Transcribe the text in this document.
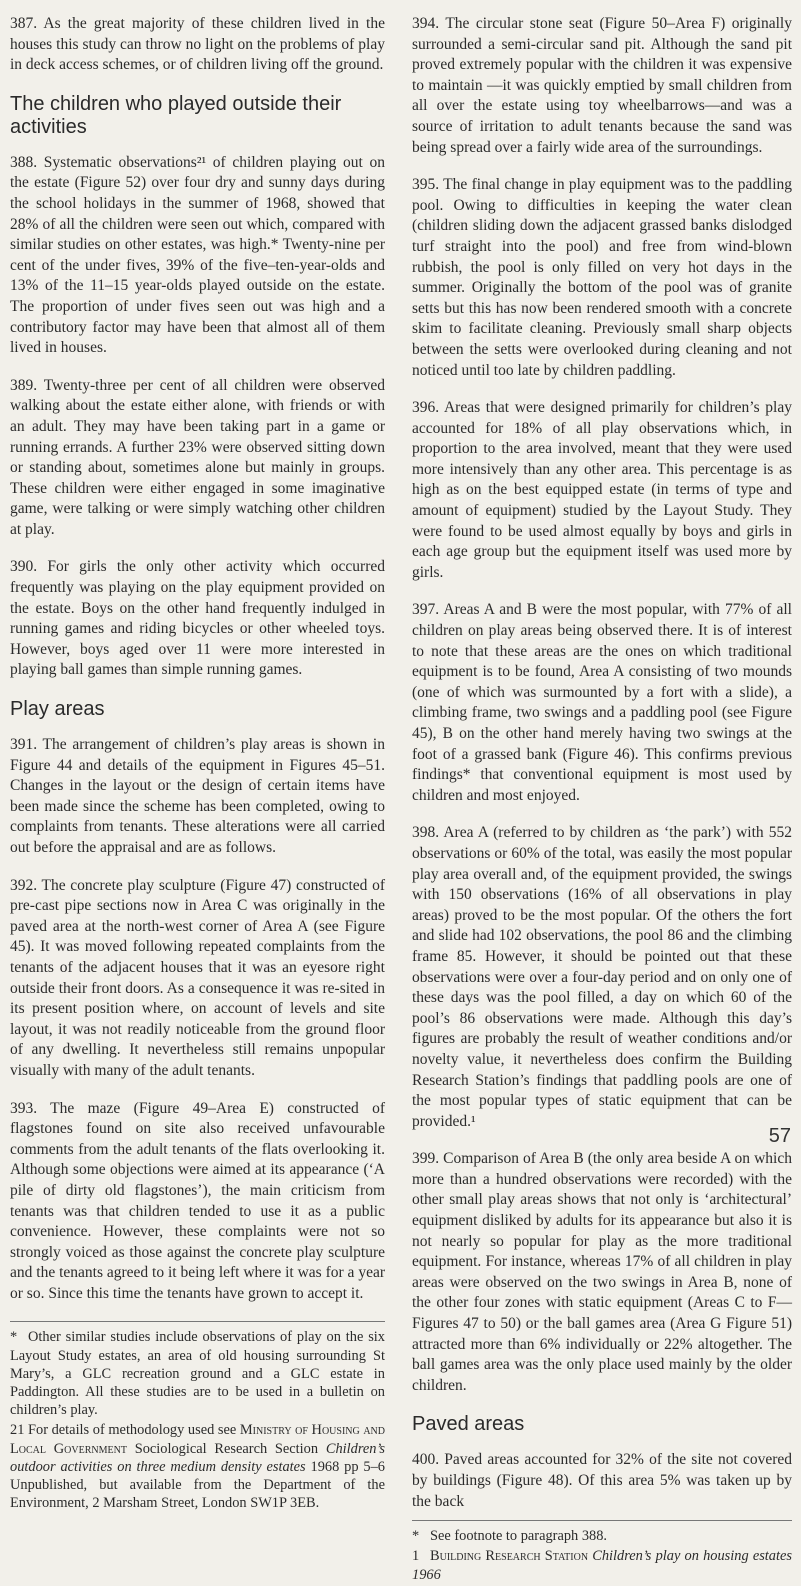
387. As the great majority of these children lived in the houses this study can throw no light on the problems of play in deck access schemes, or of children living off the ground.

The children who played outside their activities

388. Systematic observations²¹ of children playing out on the estate (Figure 52) over four dry and sunny days during the school holidays in the summer of 1968, showed that 28% of all the children were seen out which, compared with similar studies on other estates, was high.* Twenty-nine per cent of the under fives, 39% of the five–ten-year-olds and 13% of the 11–15 year-olds played outside on the estate. The proportion of under fives seen out was high and a contributory factor may have been that almost all of them lived in houses.

389. Twenty-three per cent of all children were observed walking about the estate either alone, with friends or with an adult. They may have been taking part in a game or running errands. A further 23% were observed sitting down or standing about, sometimes alone but mainly in groups. These children were either engaged in some imaginative game, were talking or were simply watching other children at play.

390. For girls the only other activity which occurred frequently was playing on the play equipment provided on the estate. Boys on the other hand frequently indulged in running games and riding bicycles or other wheeled toys. However, boys aged over 11 were more interested in playing ball games than simple running games.

Play areas

391. The arrangement of children’s play areas is shown in Figure 44 and details of the equipment in Figures 45–51. Changes in the layout or the design of certain items have been made since the scheme has been completed, owing to complaints from tenants. These alterations were all carried out before the appraisal and are as follows.

392. The concrete play sculpture (Figure 47) constructed of pre-cast pipe sections now in Area C was originally in the paved area at the north-west corner of Area A (see Figure 45). It was moved following repeated complaints from the tenants of the adjacent houses that it was an eyesore right outside their front doors. As a consequence it was re-sited in its present position where, on account of levels and site layout, it was not readily noticeable from the ground floor of any dwelling. It nevertheless still remains unpopular visually with many of the adult tenants.

393. The maze (Figure 49–Area E) constructed of flagstones found on site also received unfavourable comments from the adult tenants of the flats overlooking it. Although some objections were aimed at its appearance (‘A pile of dirty old flagstones’), the main criticism from tenants was that children tended to use it as a public convenience. However, these complaints were not so strongly voiced as those against the concrete play sculpture and the tenants agreed to it being left where it was for a year or so. Since this time the tenants have grown to accept it.

* Other similar studies include observations of play on the six Layout Study estates, an area of old housing surrounding St Mary’s, a GLC recreation ground and a GLC estate in Paddington. All these studies are to be used in a bulletin on children’s play.
21 For details of methodology used see Ministry of Housing and Local Government Sociological Research Section Children’s outdoor activities on three medium density estates 1968 pp 5–6 Unpublished, but available from the Department of the Environment, 2 Marsham Street, London SW1P 3EB.

394. The circular stone seat (Figure 50–Area F) originally surrounded a semi-circular sand pit. Although the sand pit proved extremely popular with the children it was expensive to maintain —it was quickly emptied by small children from all over the estate using toy wheelbarrows—and was a source of irritation to adult tenants because the sand was being spread over a fairly wide area of the surroundings.

395. The final change in play equipment was to the paddling pool. Owing to difficulties in keeping the water clean (children sliding down the adjacent grassed banks dislodged turf straight into the pool) and free from wind-blown rubbish, the pool is only filled on very hot days in the summer. Originally the bottom of the pool was of granite setts but this has now been rendered smooth with a concrete skim to facilitate cleaning. Previously small sharp objects between the setts were overlooked during cleaning and not noticed until too late by children paddling.

396. Areas that were designed primarily for children’s play accounted for 18% of all play observations which, in proportion to the area involved, meant that they were used more intensively than any other area. This percentage is as high as on the best equipped estate (in terms of type and amount of equipment) studied by the Layout Study. They were found to be used almost equally by boys and girls in each age group but the equipment itself was used more by girls.

397. Areas A and B were the most popular, with 77% of all children on play areas being observed there. It is of interest to note that these areas are the ones on which traditional equipment is to be found, Area A consisting of two mounds (one of which was surmounted by a fort with a slide), a climbing frame, two swings and a paddling pool (see Figure 45), B on the other hand merely having two swings at the foot of a grassed bank (Figure 46). This confirms previous findings* that conventional equipment is most used by children and most enjoyed.

398. Area A (referred to by children as ‘the park’) with 552 observations or 60% of the total, was easily the most popular play area overall and, of the equipment provided, the swings with 150 observations (16% of all observations in play areas) proved to be the most popular. Of the others the fort and slide had 102 observations, the pool 86 and the climbing frame 85. However, it should be pointed out that these observations were over a four-day period and on only one of these days was the pool filled, a day on which 60 of the pool’s 86 observations were made. Although this day’s figures are probably the result of weather conditions and/or novelty value, it nevertheless does confirm the Building Research Station’s findings that paddling pools are one of the most popular types of static equipment that can be provided.¹

399. Comparison of Area B (the only area beside A on which more than a hundred observations were recorded) with the other small play areas shows that not only is ‘architectural’ equipment disliked by adults for its appearance but also it is not nearly so popular for play as the more traditional equipment. For instance, whereas 17% of all children in play areas were observed on the two swings in Area B, none of the other four zones with static equipment (Areas C to F—Figures 47 to 50) or the ball games area (Area G Figure 51) attracted more than 6% individually or 22% altogether. The ball games area was the only place used mainly by the older children.

Paved areas

400. Paved areas accounted for 32% of the site not covered by buildings (Figure 48). Of this area 5% was taken up by the back

* See footnote to paragraph 388.
1 Building Research Station Children’s play on housing estates 1966
57
